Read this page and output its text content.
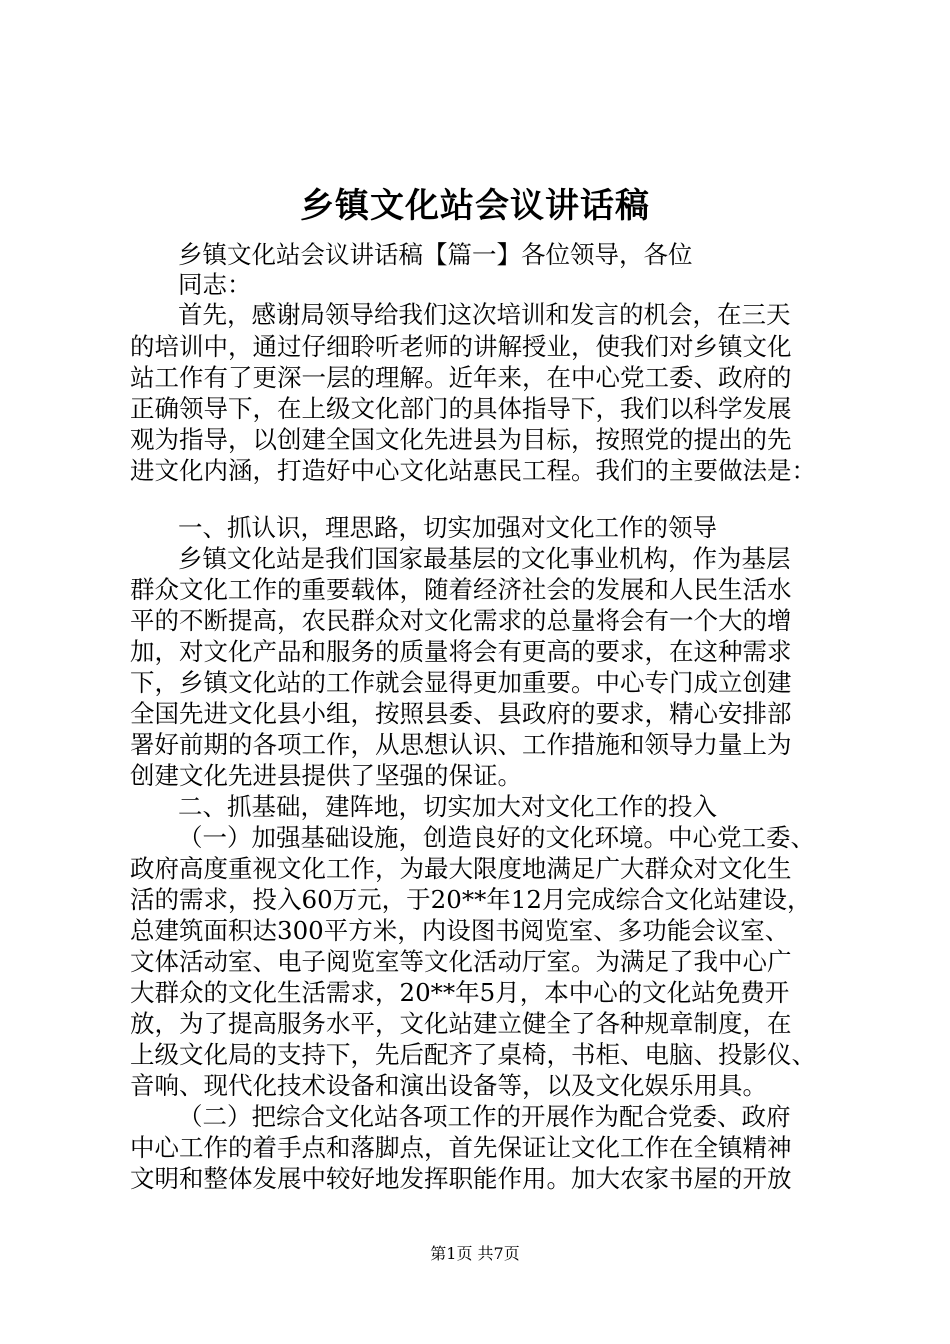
乡镇文化站会议讲话稿
乡镇文化站会议讲话稿【篇一】各位领导，各位
同志：
首先，感谢局领导给我们这次培训和发言的机会，在三天
的培训中，通过仔细聆听老师的讲解授业，使我们对乡镇文化
站工作有了更深一层的理解。近年来，在中心党工委、政府的
正确领导下，在上级文化部门的具体指导下，我们以科学发展
观为指导，以创建全国文化先进县为目标，按照党的提出的先
进文化内涵，打造好中心文化站惠民工程。我们的主要做法是：
一、抓认识，理思路，切实加强对文化工作的领导
乡镇文化站是我们国家最基层的文化事业机构，作为基层
群众文化工作的重要载体，随着经济社会的发展和人民生活水
平的不断提高，农民群众对文化需求的总量将会有一个大的增
加，对文化产品和服务的质量将会有更高的要求，在这种需求
下，乡镇文化站的工作就会显得更加重要。中心专门成立创建
全国先进文化县小组，按照县委、县政府的要求，精心安排部
署好前期的各项工作，从思想认识、工作措施和领导力量上为
创建文化先进县提供了坚强的保证。
二、抓基础，建阵地，切实加大对文化工作的投入
（一）加强基础设施，创造良好的文化环境。中心党工委、
政府高度重视文化工作，为最大限度地满足广大群众对文化生
活的需求，投入60万元，于20**年12月完成综合文化站建设，
总建筑面积达300平方米，内设图书阅览室、多功能会议室、
文体活动室、电子阅览室等文化活动厅室。为满足了我中心广
大群众的文化生活需求，20**年5月，本中心的文化站免费开
放，为了提高服务水平，文化站建立健全了各种规章制度，在
上级文化局的支持下，先后配齐了桌椅，书柜、电脑、投影仪、
音响、现代化技术设备和演出设备等，以及文化娱乐用具。
（二）把综合文化站各项工作的开展作为配合党委、政府
中心工作的着手点和落脚点，首先保证让文化工作在全镇精神
文明和整体发展中较好地发挥职能作用。加大农家书屋的开放
第1页 共7页
